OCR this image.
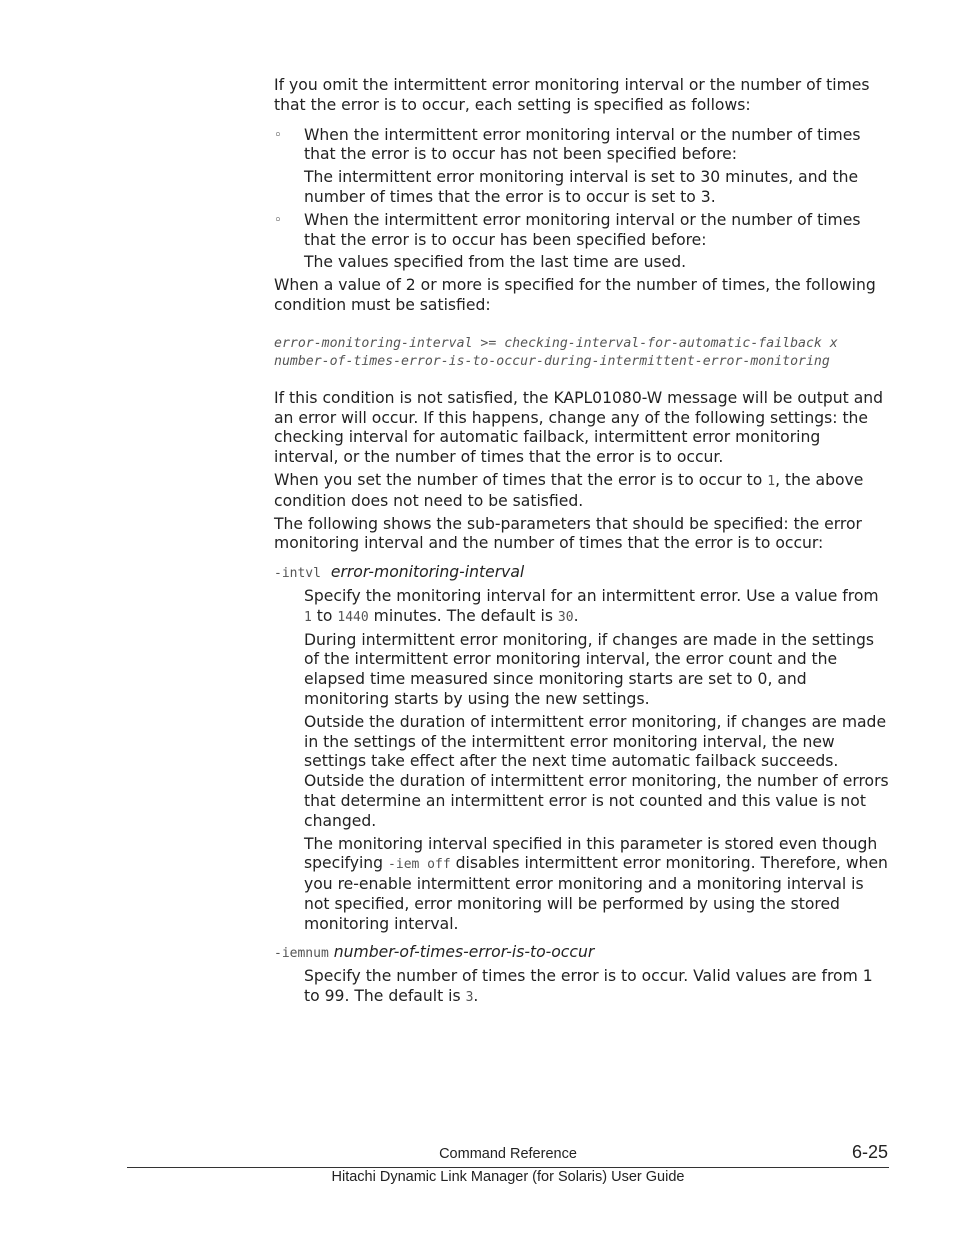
If you omit the intermittent error monitoring interval or the number of times that the error is to occur, each setting is specified as follows:

◦ When the intermittent error monitoring interval or the number of times that the error is to occur has not been specified before:

The intermittent error monitoring interval is set to 30 minutes, and the number of times that the error is to occur is set to 3.

◦ When the intermittent error monitoring interval or the number of times that the error is to occur has been specified before:

The values specified from the last time are used.

When a value of 2 or more is specified for the number of times, the following condition must be satisfied:

error-monitoring-interval >= checking-interval-for-automatic-failback x number-of-times-error-is-to-occur-during-intermittent-error-monitoring

If this condition is not satisfied, the KAPL01080-W message will be output and an error will occur. If this happens, change any of the following settings: the checking interval for automatic failback, intermittent error monitoring interval, or the number of times that the error is to occur.

When you set the number of times that the error is to occur to 1, the above condition does not need to be satisfied.

The following shows the sub-parameters that should be specified: the error monitoring interval and the number of times that the error is to occur:

-intvl error-monitoring-interval

Specify the monitoring interval for an intermittent error. Use a value from 1 to 1440 minutes. The default is 30.

During intermittent error monitoring, if changes are made in the settings of the intermittent error monitoring interval, the error count and the elapsed time measured since monitoring starts are set to 0, and monitoring starts by using the new settings.

Outside the duration of intermittent error monitoring, if changes are made in the settings of the intermittent error monitoring interval, the new settings take effect after the next time automatic failback succeeds. Outside the duration of intermittent error monitoring, the number of errors that determine an intermittent error is not counted and this value is not changed.

The monitoring interval specified in this parameter is stored even though specifying -iem off disables intermittent error monitoring. Therefore, when you re-enable intermittent error monitoring and a monitoring interval is not specified, error monitoring will be performed by using the stored monitoring interval.

-iemnum number-of-times-error-is-to-occur

Specify the number of times the error is to occur. Valid values are from 1 to 99. The default is 3.

Command Reference	6-25
Hitachi Dynamic Link Manager (for Solaris) User Guide
